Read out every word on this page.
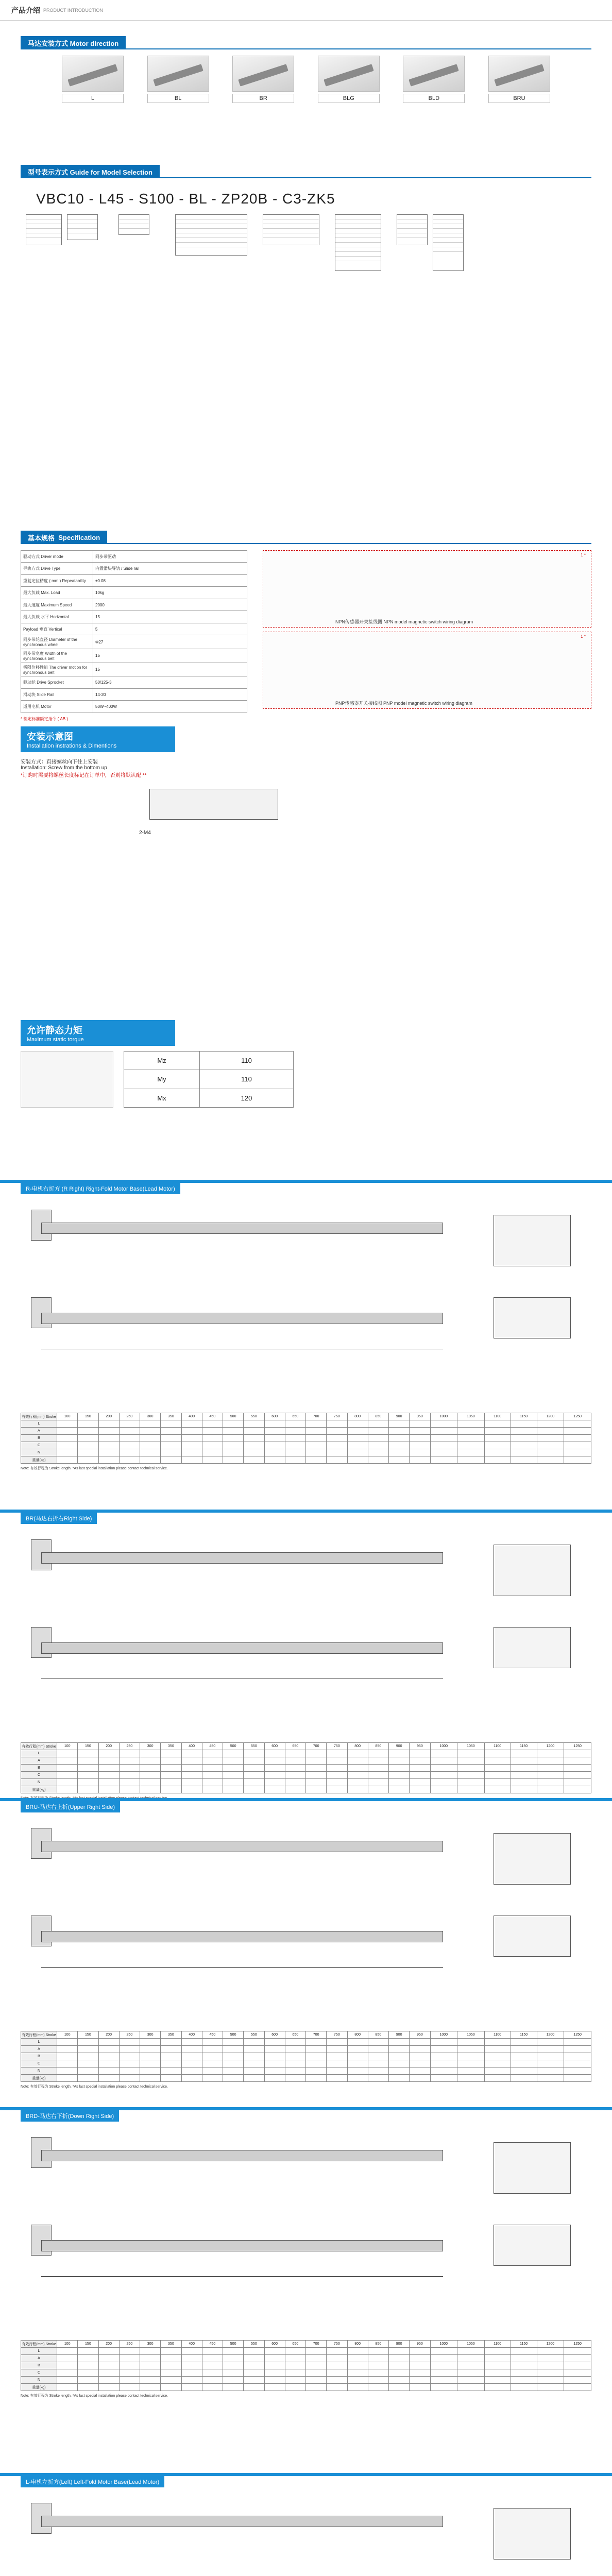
产品介绍 PRODUCT INTRODUCTION
马达安装方式 Motor direction
L	BL	BR	BLG	BLD	BRU
型号表示方式 Guide for Model Selection
VBC10 - L45 - S100 - BL - ZP20B - C3-ZK5
基本规格
Specification
驱动方式 Driver mode	同步带驱动
导轨方式 Drive Type	内置滑块导轨 / Slide rail
重复定位精度 ( mm ) Repeatability	±0.08
最大负载 Max. Load	10kg
最大速度 Maximum Speed	2000
最大负载 水平 Horizontal	15
Payload 垂直 Vertical	5
同步带轮直径 Diameter of the synchronous wheel	Φ27
同步带宽度 Width of the synchronous belt	15
极限位移性能 The driver motion for synchronous belt	15
驱动轮 Drive Sprocket	50/125-3
滑动块 Slide Rail	14-20
适用电机 Motor	50W~400W
1 *
NPN传感器开关接线图 NPN model magnetic switch wiring diagram
1 *
PNP传感器开关接线图 PNP model magnetic switch wiring diagram
* 制定标准额定指令 ( AB )
安装示意图
Installation instrations & Dimentions
安装方式：直接螺丝向下往上安装
Installation: Screw from the bottom up
*订购时需要将螺丝长度标记在订单中，否则将默认配 **
2-M4
允许静态力矩
Maximum static torque
Mz	110
My	110
Mx	120
R-电机右折方 (R Right) Right-Fold Motor Base(Lead Motor)
有效行程(mm) Stroke	100	150	200	250	300	350	400	450	500	550	600	650	700	750	800	850	900	950	1000	1050	1100	1150	1200	1250
L																								
A																								
B																								
C																								
N																								
重量(kg)																								
Note: 有效行程为 Stroke length. *As last special installation please contact technical service.
BR(马达右折右Right Side)
有效行程(mm) Stroke	100	150	200	250	300	350	400	450	500	550	600	650	700	750	800	850	900	950	1000	1050	1100	1150	1200	1250
L																								
A																								
B																								
C																								
N																								
重量(kg)																								
Note: 有效行程为 Stroke length. *As last special installation please contact technical service.
BRU-马达右上折(Upper Right Side)
有效行程(mm) Stroke	100	150	200	250	300	350	400	450	500	550	600	650	700	750	800	850	900	950	1000	1050	1100	1150	1200	1250
L																								
A																								
B																								
C																								
N																								
重量(kg)																								
Note: 有效行程为 Stroke length. *As last special installation please contact technical service.
BRD-马达右下折(Down Right Side)
有效行程(mm) Stroke	100	150	200	250	300	350	400	450	500	550	600	650	700	750	800	850	900	950	1000	1050	1100	1150	1200	1250
L																								
A																								
B																								
C																								
N																								
重量(kg)																								
Note: 有效行程为 Stroke length. *As last special installation please contact technical service.
L-电机左折方(Left) Left-Fold Motor Base(Lead Motor)
